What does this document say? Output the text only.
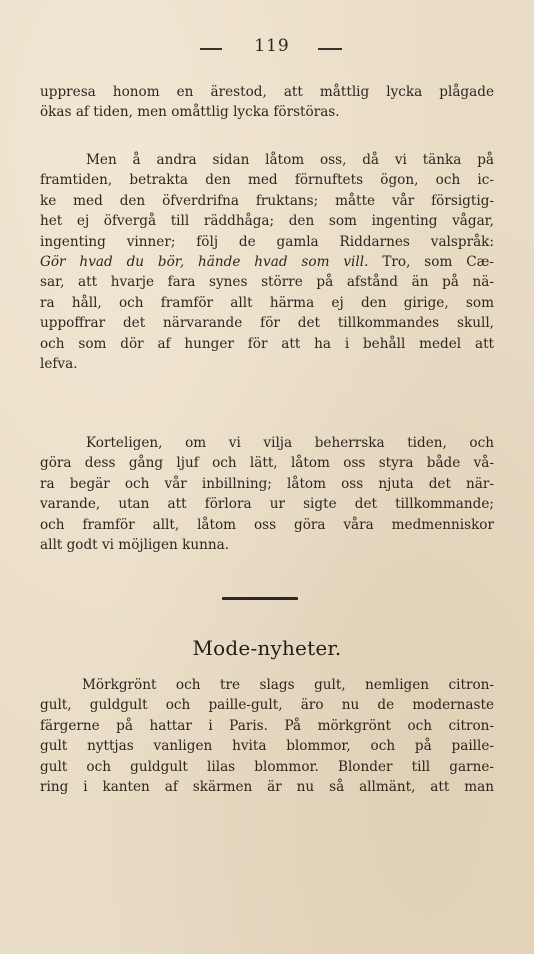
119
uppresa honom en ärestod, att måttlig lycka plågade
ökas af tiden, men omåttlig lycka förstöras.
Men å andra sidan låtom oss, då vi tänka på
framtiden, betrakta den med förnuftets ögon, och ic-
ke med den öfverdrifna fruktans; måtte vår försigtig-
het ej öfvergå till räddhåga; den som ingenting vågar,
ingenting vinner; följ de gamla Riddarnes valspråk:
Gör hvad du bör, hände hvad som vill. Tro, som Cæ-
sar, att hvarje fara synes större på afstånd än på nä-
ra håll, och framför allt härma ej den girige, som
uppoffrar det närvarande för det tillkommandes skull,
och som dör af hunger för att ha i behåll medel att
lefva.
Korteligen, om vi vilja beherrska tiden, och
göra dess gång ljuf och lätt, låtom oss styra både vå-
ra begär och vår inbillning; låtom oss njuta det när-
varande, utan att förlora ur sigte det tillkommande;
och framför allt, låtom oss göra våra medmenniskor
allt godt vi möjligen kunna.
Mode-nyheter.
Mörkgrönt och tre slags gult, nemligen citron-
gult, guldgult och paille-gult, äro nu de modernaste
färgerne på hattar i Paris. På mörkgrönt och citron-
gult nyttjas vanligen hvita blommor, och på paille-
gult och guldgult lilas blommor. Blonder till garne-
ring i kanten af skärmen är nu så allmänt, att man
